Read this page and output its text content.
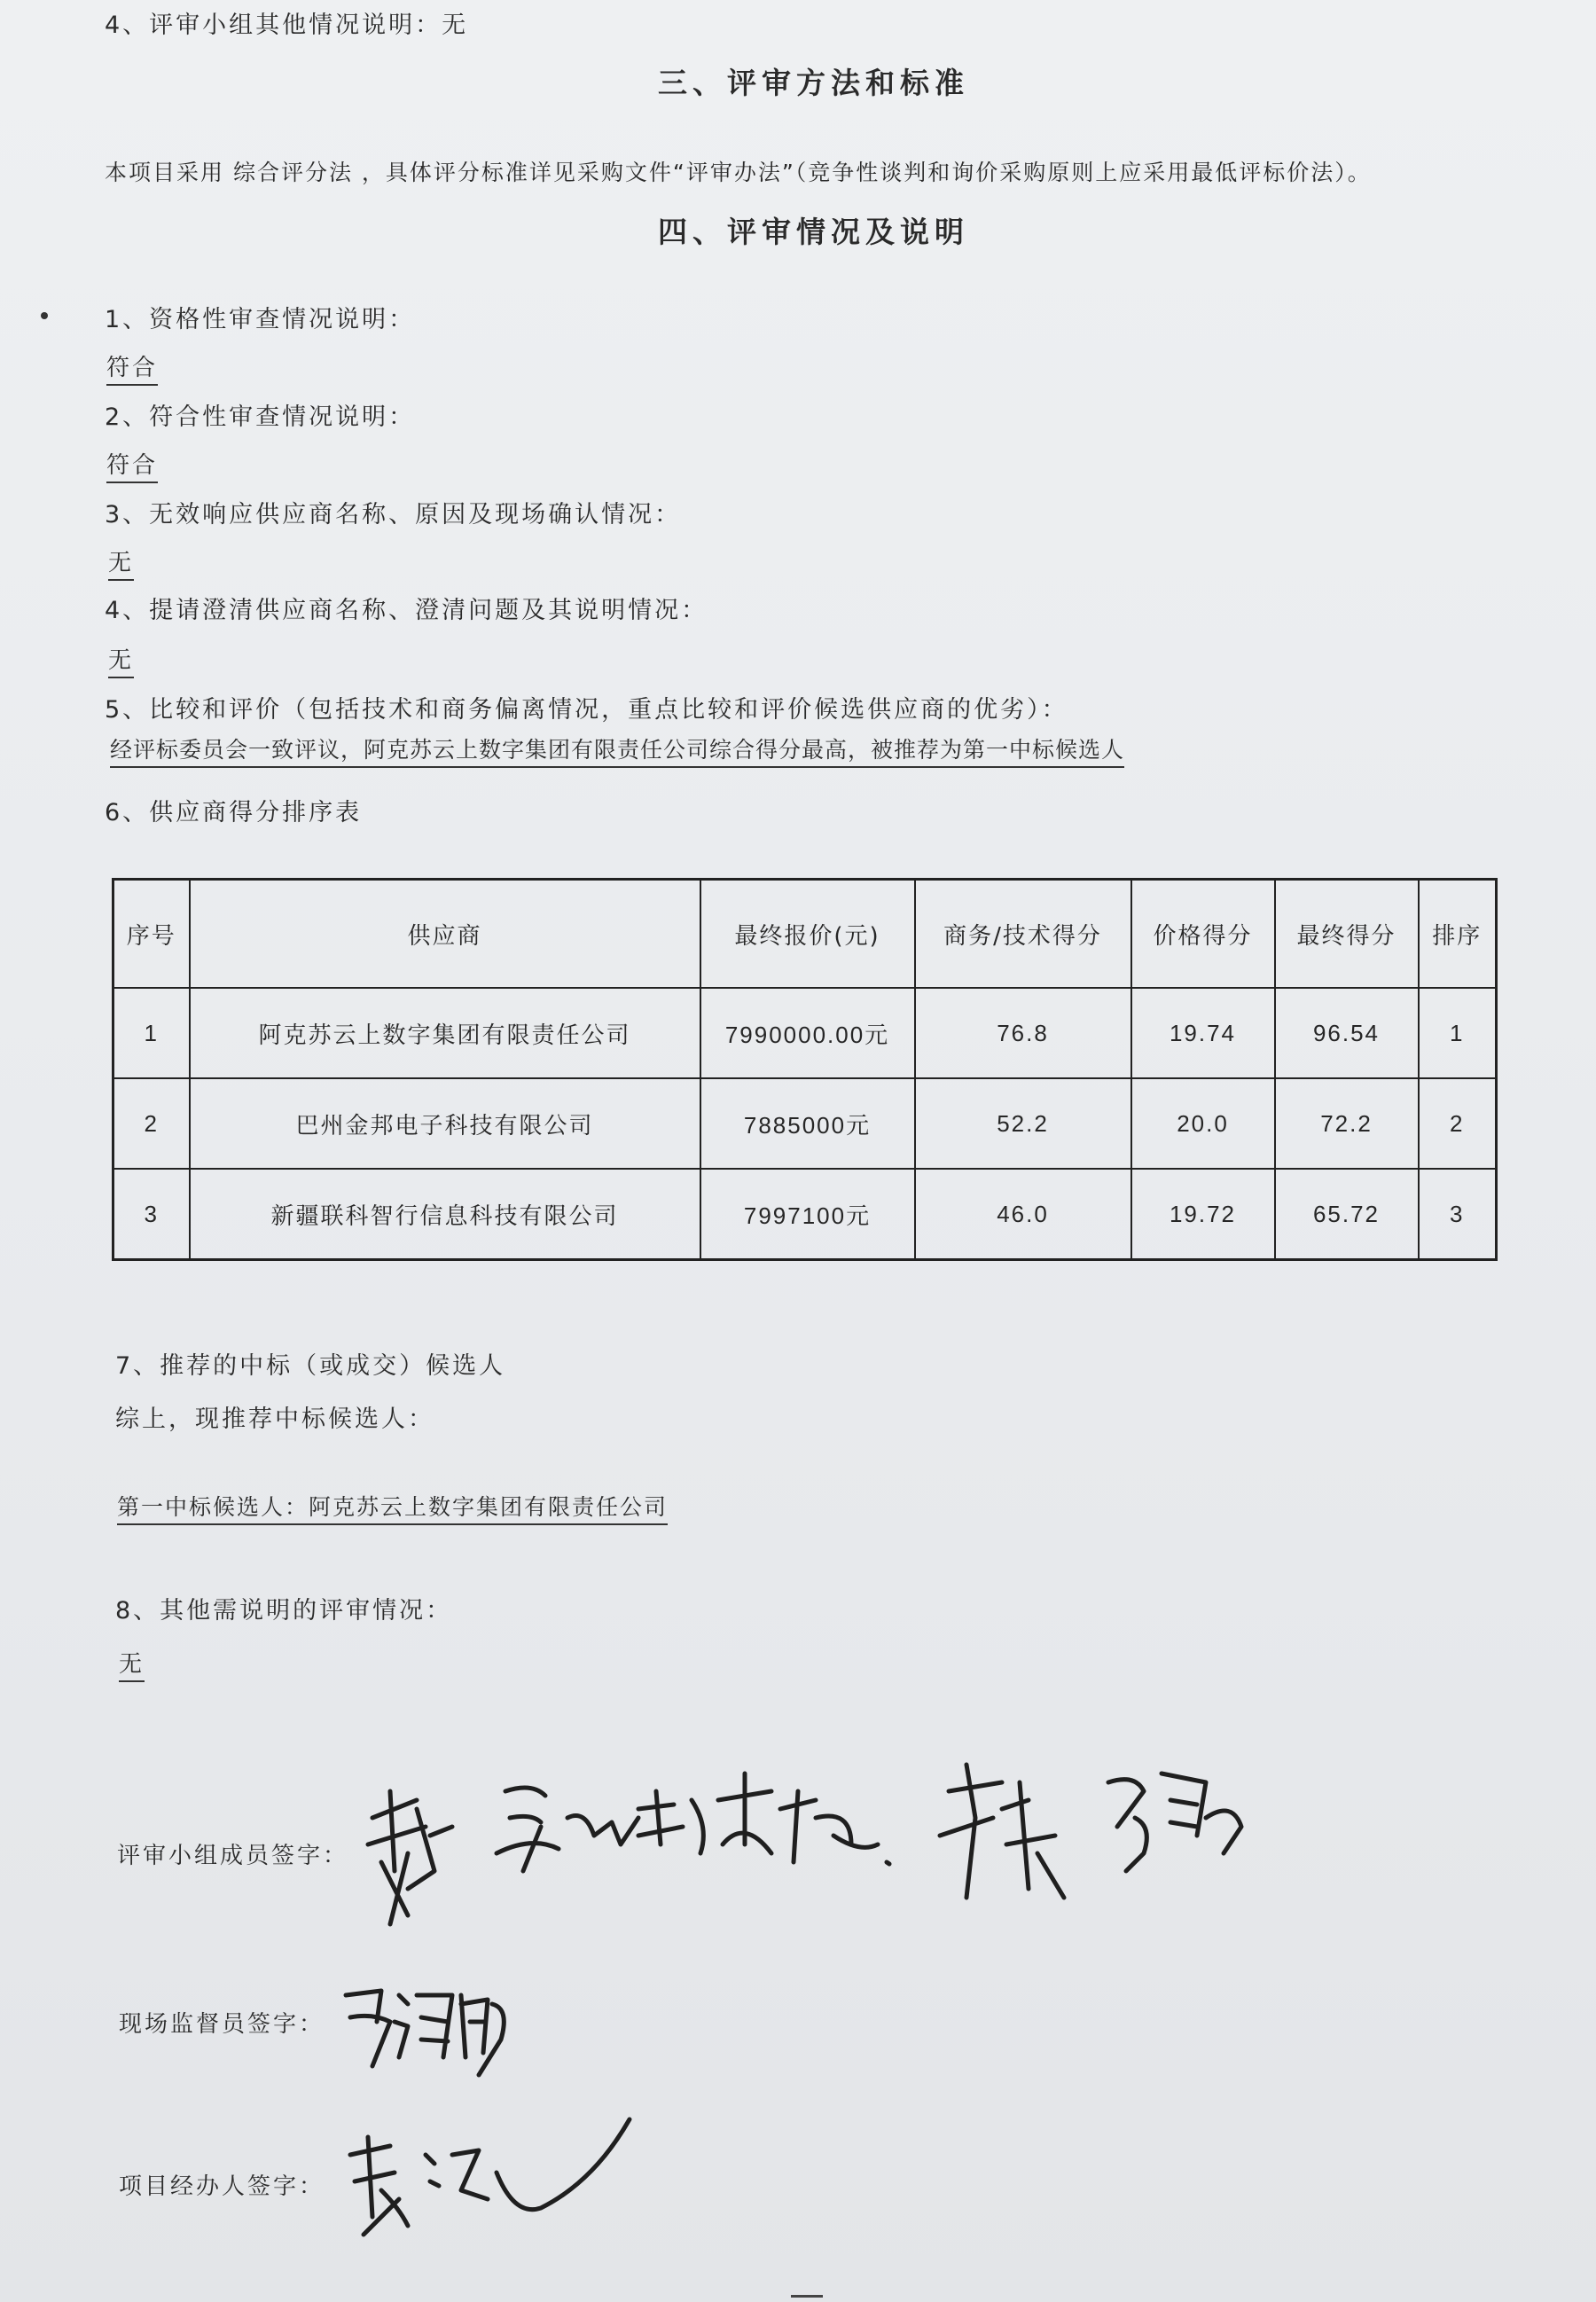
4、评审小组其他情况说明：无
三、评审方法和标准
本项目采用 综合评分法 ，具体评分标准详见采购文件“评审办法”（竞争性谈判和询价采购原则上应采用最低评标价法）。
四、评审情况及说明
1、资格性审查情况说明：
符合
2、符合性审查情况说明：
符合
3、无效响应供应商名称、原因及现场确认情况：
无
4、提请澄清供应商名称、澄清问题及其说明情况：
无
5、比较和评价（包括技术和商务偏离情况，重点比较和评价候选供应商的优劣）：
经评标委员会一致评议，阿克苏云上数字集团有限责任公司综合得分最高，被推荐为第一中标候选人
6、供应商得分排序表
序号	供应商	最终报价(元)	商务/技术得分	价格得分	最终得分	排序
1	阿克苏云上数字集团有限责任公司	7990000.00元	76.8	19.74	96.54	1
2	巴州金邦电子科技有限公司	7885000元	52.2	20.0	72.2	2
3	新疆联科智行信息科技有限公司	7997100元	46.0	19.72	65.72	3
7、推荐的中标（或成交）候选人
综上，现推荐中标候选人：
第一中标候选人：阿克苏云上数字集团有限责任公司
8、其他需说明的评审情况：
无
评审小组成员签字：
现场监督员签字：
项目经办人签字：
